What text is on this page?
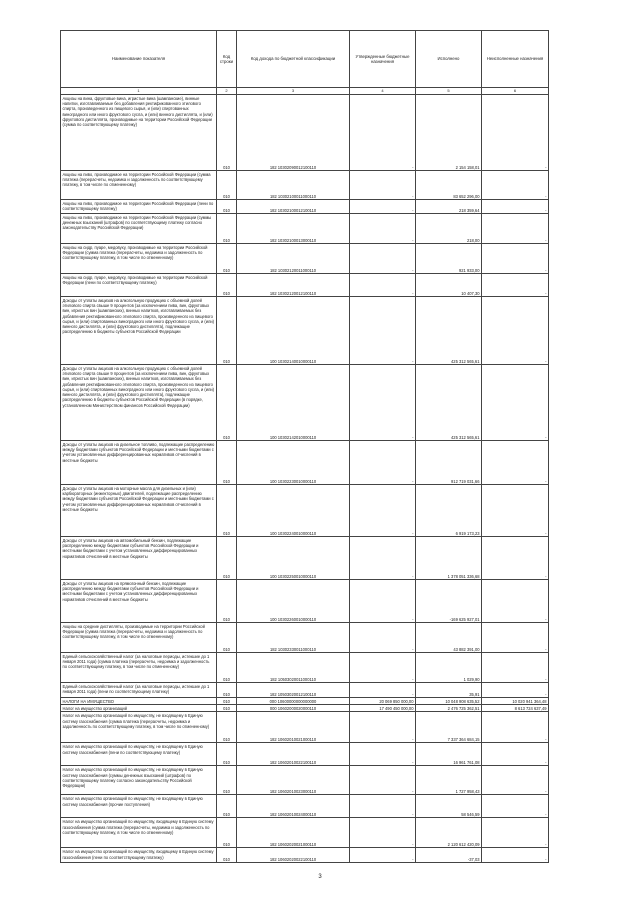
Наименование показателя	Код строки	Код дохода по бюджетной классификации	Утвержденные бюджетные назначения	Исполнено	Неисполненные назначения
1	2	3	4	5	6
Акцизы на вина, фруктовые вина, игристые вина (шампанские), винные напитки, изготавливаемые без добавления ректификованного этилового спирта, произведенного из пищевого сырья, и (или) спиртованных виноградного или иного фруктового сусла, и (или) винного дистиллята, и (или) фруктового дистиллята, производимые на территории Российской Федерации (сумма по соответствующему платежу)	010	182 10302090012100110	-	2 154 158,01	-
Акцизы на пиво, производимое на территории Российской Федерации (сумма платежа (перерасчеты, недоимка и задолженность по соответствующему платежу, в том числе по отмененному)	010	182 10302100011000110	-	83 652 296,00	-
Акцизы на пиво, производимое на территории Российской Федерации (пени по соответствующему платежу)	010	182 10302100012100110	-	218 359,64	-
Акцизы на пиво, производимое на территории Российской Федерации (суммы денежных взысканий (штрафов) по соответствующему платежу согласно законодательству Российской Федерации)	010	182 10302100013000110	-	218,00	-
Акцизы на сидр, пуаре, медовуху, производимые на территории Российской Федерации (сумма платежа (перерасчеты, недоимка и задолженность по соответствующему платежу, в том числе по отмененному)	010	182 10302120011000110	-	921 933,00	-
Акцизы на сидр, пуаре, медовуху, производимые на территории Российской Федерации (пени по соответствующему платежу)	010	182 10302120012100110	-	10 407,30	-
Доходы от уплаты акцизов на алкогольную продукцию с объемной долей этилового спирта свыше 9 процентов (за исключением пива, вин, фруктовых вин, игристых вин (шампанских), винных напитков, изготавливаемых без добавления ректификованного этилового спирта, произведенного из пищевого сырья, и (или) спиртованных виноградного или иного фруктового сусла, и (или) винного дистиллята, и (или) фруктового дистиллята), подлежащие распределению в бюджеты субъектов Российской Федерации	010	100 10302140010000110	-	425 312 565,61	-
Доходы от уплаты акцизов на алкогольную продукцию с объемной долей этилового спирта свыше 9 процентов (за исключением пива, вин, фруктовых вин, игристых вин (шампанских), винных напитков, изготавливаемых без добавления ректификованного этилового спирта, произведенного из пищевого сырья, и (или) спиртованных виноградного или иного фруктового сусла, и (или) винного дистиллята, и (или) фруктового дистиллята), подлежащие распределению в бюджеты субъектов Российской Федерации (в порядке, установленном Министерством финансов Российской Федерации)	010	100 10302142010000110	-	425 312 565,61	-
Доходы от уплаты акцизов на дизельное топливо, подлежащие распределению между бюджетами субъектов Российской Федерации и местными бюджетами с учетом установленных дифференцированных нормативов отчислений в местные бюджеты	010	100 10302230010000110	-	912 719 031,66	-
Доходы от уплаты акцизов на моторные масла для дизельных и (или) карбюраторных (инжекторных) двигателей, подлежащие распределению между бюджетами субъектов Российской Федерации и местными бюджетами с учетом установленных дифференцированных нормативов отчислений в местные бюджеты	010	100 10302240010000110	-	6 919 173,23	-
Доходы от уплаты акцизов на автомобильный бензин, подлежащие распределению между бюджетами субъектов Российской Федерации и местными бюджетами с учетом установленных дифференцированных нормативов отчислений в местные бюджеты	010	100 10302250010000110	-	1 378 051 336,68	-
Доходы от уплаты акцизов на прямогонный бензин, подлежащие распределению между бюджетами субъектов Российской Федерации и местными бюджетами с учетом установленных дифференцированных нормативов отчислений в местные бюджеты	010	100 10302260010000110	-	-169 625 927,01	-
Акцизы на средние дистилляты, производимые на территории Российской Федерации (сумма платежа (перерасчеты, недоимка и задолженность по соответствующему платежу, в том числе по отмененному)	010	182 10302330011000110	-	43 882 391,00	-
Единый сельскохозяйственный налог (за налоговые периоды, истекшие до 1 января 2011 года) (сумма платежа (перерасчеты, недоимка и задолженность по соответствующему платежу, в том числе по отмененному)	010	182 10503020011000110	-	1 029,90	-
Единый сельскохозяйственный налог (за налоговые периоды, истекшие до 1 января 2011 года) (пени по соответствующему платежу)	010	182 10503020012100110	-	35,91	-
НАЛОГИ НА ИМУЩЕСТВО	010	000 10600000000000000	20 069 850 000,00	10 048 908 635,52	10 020 941 364,48
Налог на имущество организаций	010	000 10602000020000110	17 490 450 000,00	2 476 725 362,51	8 613 724 637,49
Налог на имущество организаций по имуществу, не входящему в Единую систему газоснабжения (сумма платежа (перерасчеты, недоимка и задолженность по соответствующему платежу, в том числе по отмененному)	010	182 10602010021000110	-	7 337 364 684,15	-
Налог на имущество организаций по имуществу, не входящему в Единую систему газоснабжения (пени по соответствующему платежу)	010	182 10602010022100110	-	16 961 761,08	-
Налог на имущество организаций по имуществу, не входящему в Единую систему газоснабжения (суммы денежных взысканий (штрафов) по соответствующему платежу согласно законодательству Российской Федерации)	010	182 10602010023000110	-	1 727 958,43	-
Налог на имущество организаций по имуществу, не входящему в Единую систему газоснабжения (прочие поступления)	010	182 10602010024000110	-	58 546,59	-
Налог на имущество организаций по имуществу, входящему в Единую систему газоснабжения (сумма платежа (перерасчеты, недоимка и задолженность по соответствующему платежу, в том числе по отмененному)	010	182 10602020021000110	-	2 120 612 420,09	-
Налог на имущество организаций по имуществу, входящему в Единую систему газоснабжения (пени по соответствующему платежу)	010	182 10602020022100110	-	-37,03	-
3
